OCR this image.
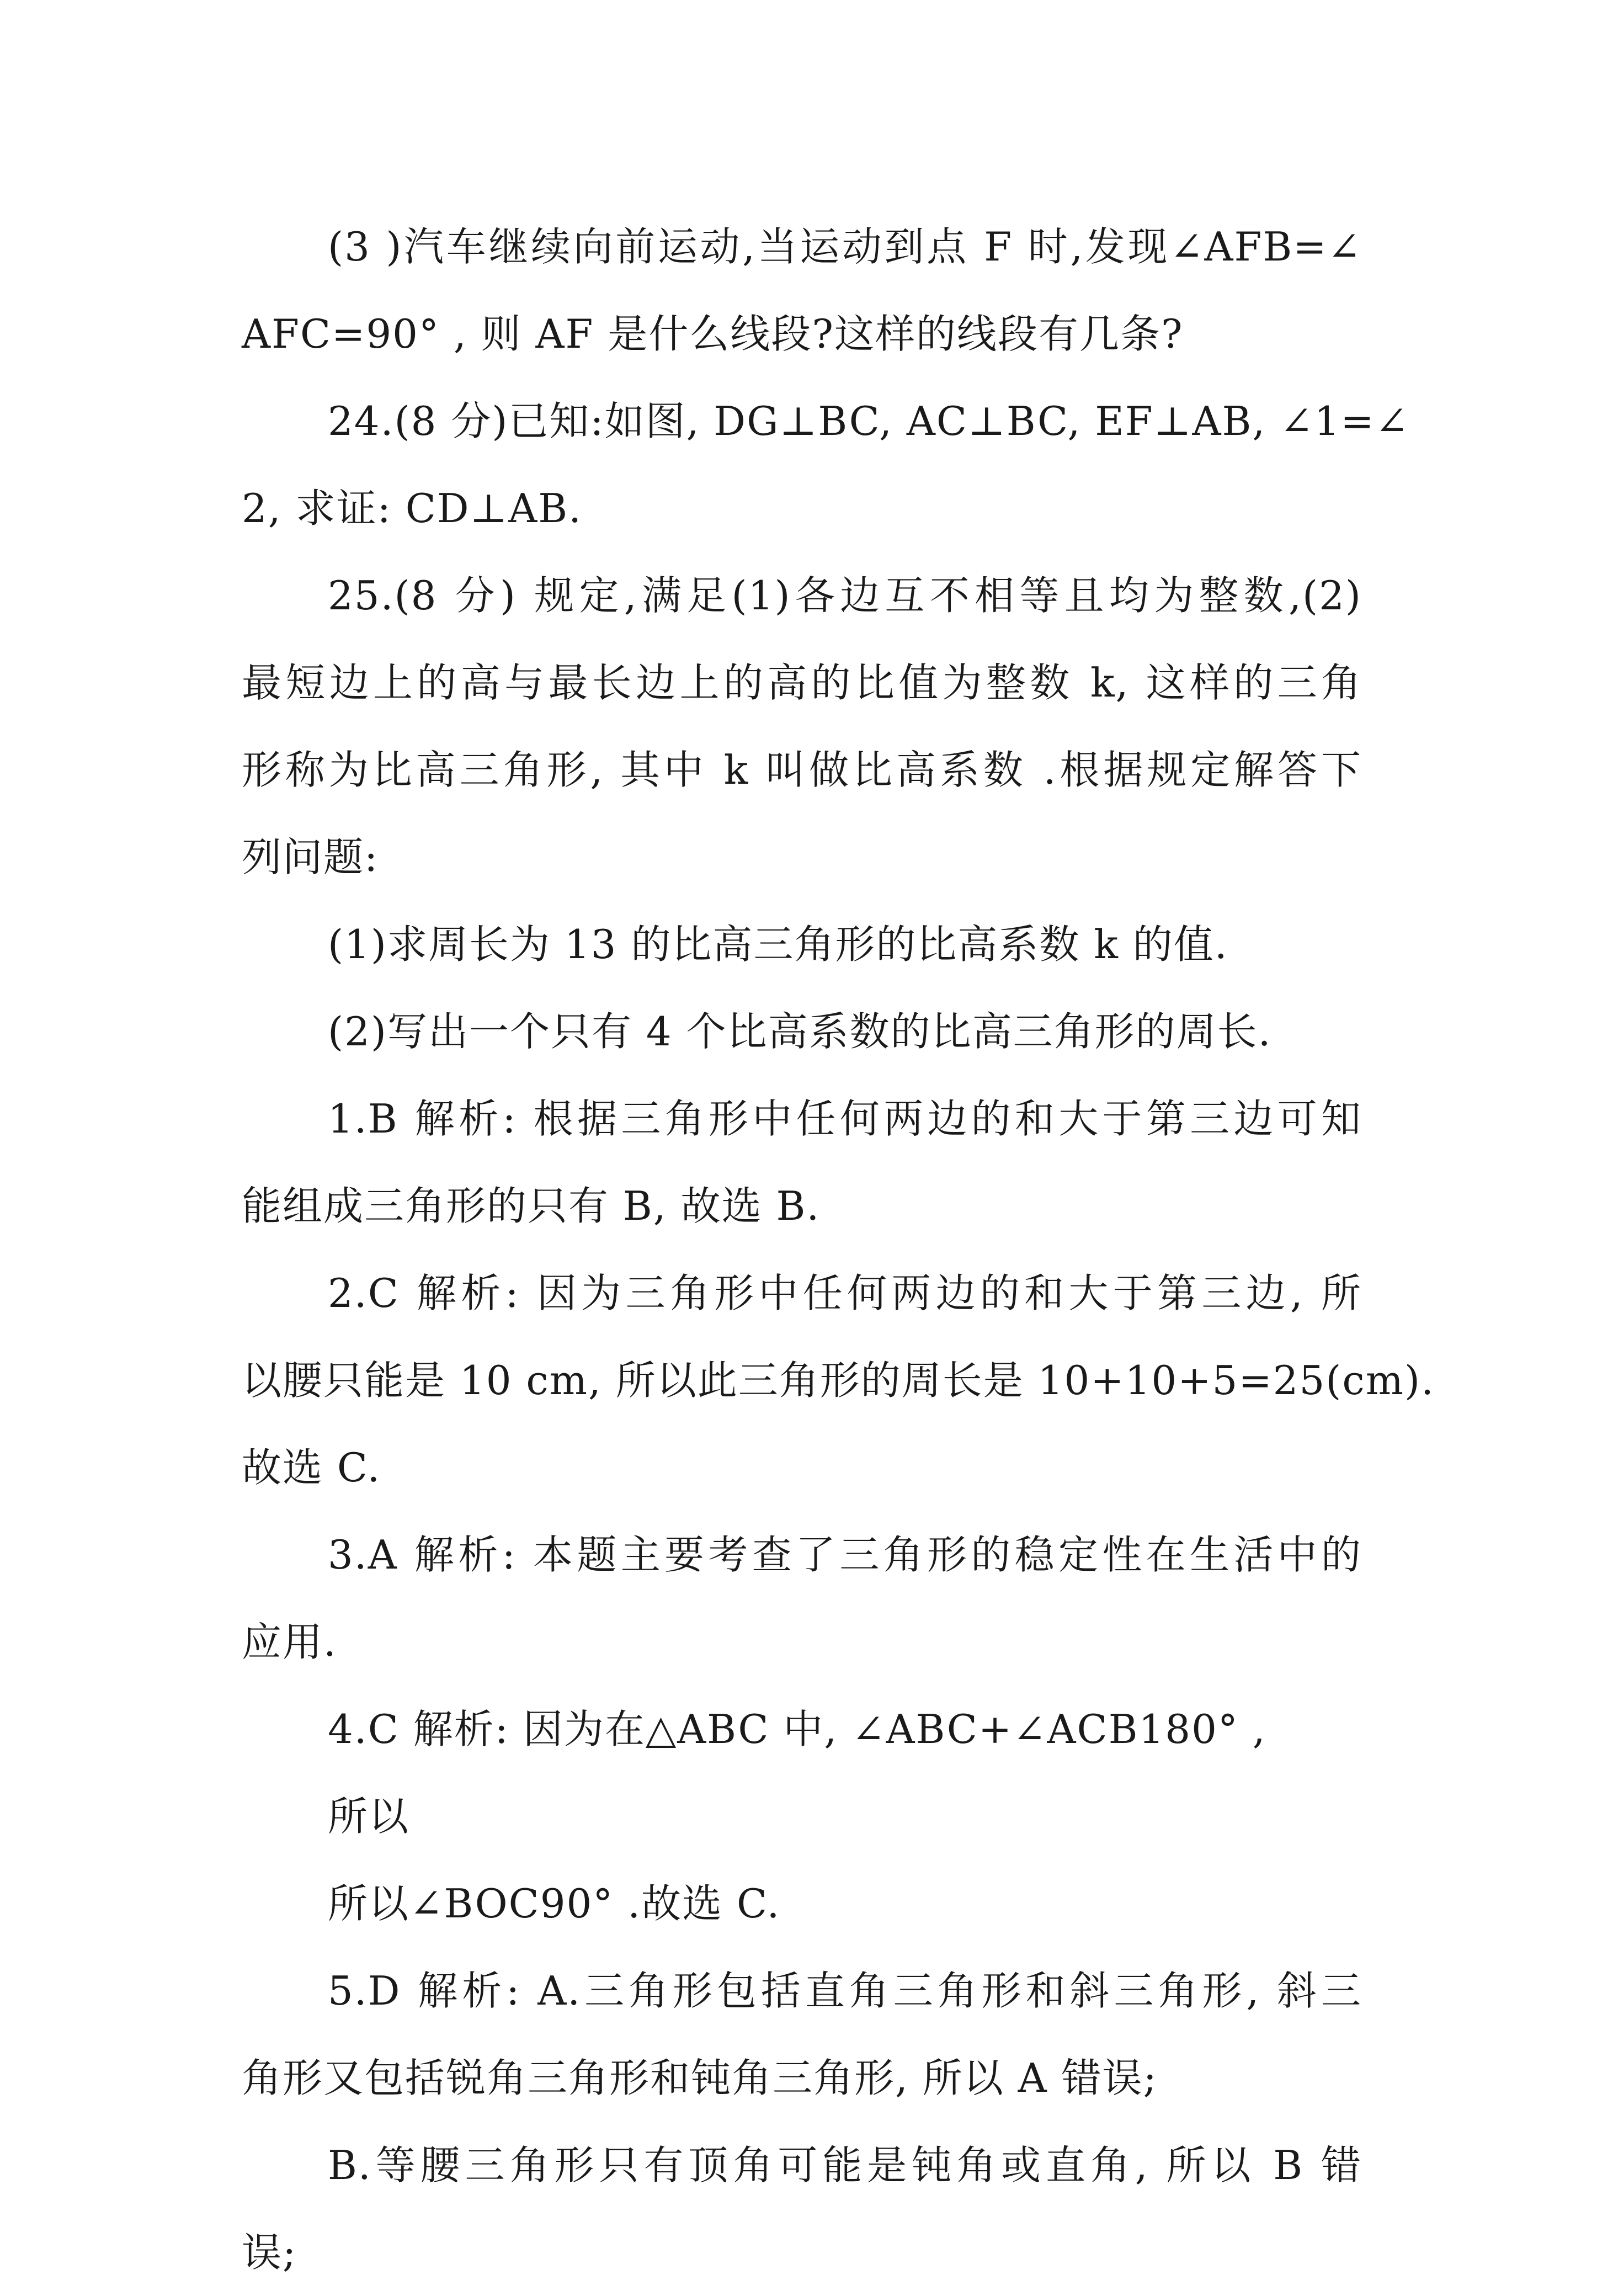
(3 )汽车继续向前运动,当运动到点 F 时,发现∠AFB=∠
AFC=90° , 则 AF 是什么线段?这样的线段有几条?
24.(8 分)已知:如图, DG⊥BC, AC⊥BC, EF⊥AB, ∠1=∠
2, 求证: CD⊥AB.
25.(8 分) 规定,满足(1)各边互不相等且均为整数,(2)
最短边上的高与最长边上的高的比值为整数 k, 这样的三角
形称为比高三角形, 其中 k 叫做比高系数 .根据规定解答下
列问题:
(1)求周长为 13 的比高三角形的比高系数 k 的值.
(2)写出一个只有 4 个比高系数的比高三角形的周长.
1.B 解析: 根据三角形中任何两边的和大于第三边可知
能组成三角形的只有 B, 故选 B.
2.C 解析: 因为三角形中任何两边的和大于第三边, 所
以腰只能是 10 cm, 所以此三角形的周长是 10+10+5=25(cm).
故选 C.
3.A 解析: 本题主要考查了三角形的稳定性在生活中的
应用.
4.C 解析: 因为在△ABC 中, ∠ABC+∠ACB180° ,
所以
所以∠BOC90° .故选 C.
5.D 解析: A.三角形包括直角三角形和斜三角形, 斜三
角形又包括锐角三角形和钝角三角形, 所以 A 错误;
B.等腰三角形只有顶角可能是钝角或直角, 所以 B 错
误;
